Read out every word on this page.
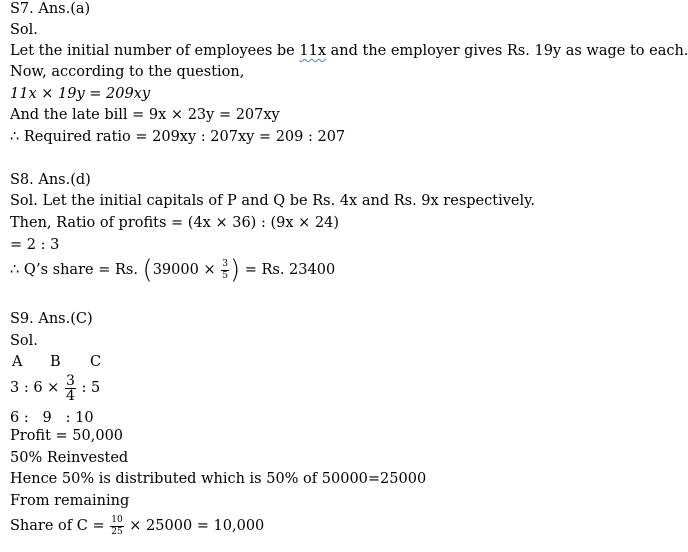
S7. Ans.(a)
Sol.
Let the initial number of employees be 11x and the employer gives Rs. 19y as wage to each.
Now, according to the question,
11x × 19y = 209xy
And the late bill = 9x × 23y = 207xy
∴ Required ratio = 209xy : 207xy = 209 : 207
S8. Ans.(d)
Sol. Let the initial capitals of P and Q be Rs. 4x and Rs. 9x respectively.
Then, Ratio of profits = (4x × 36) : (9x × 24)
= 2 : 3
∴ Q’s share = Rs. ($39000 \times \frac{3}{5}$ ) = Rs. 23400
S9. Ans.(C)
Sol.
A B C
3 : $6 \times \frac{3}{4}$ : 5
6 :   9   : 10
Profit = 50,000
50% Reinvested
Hence 50% is distributed which is 50% of 50000=25000
From remaining
Share of $C = \frac{10}{25} \times 25000 = 10,000$
